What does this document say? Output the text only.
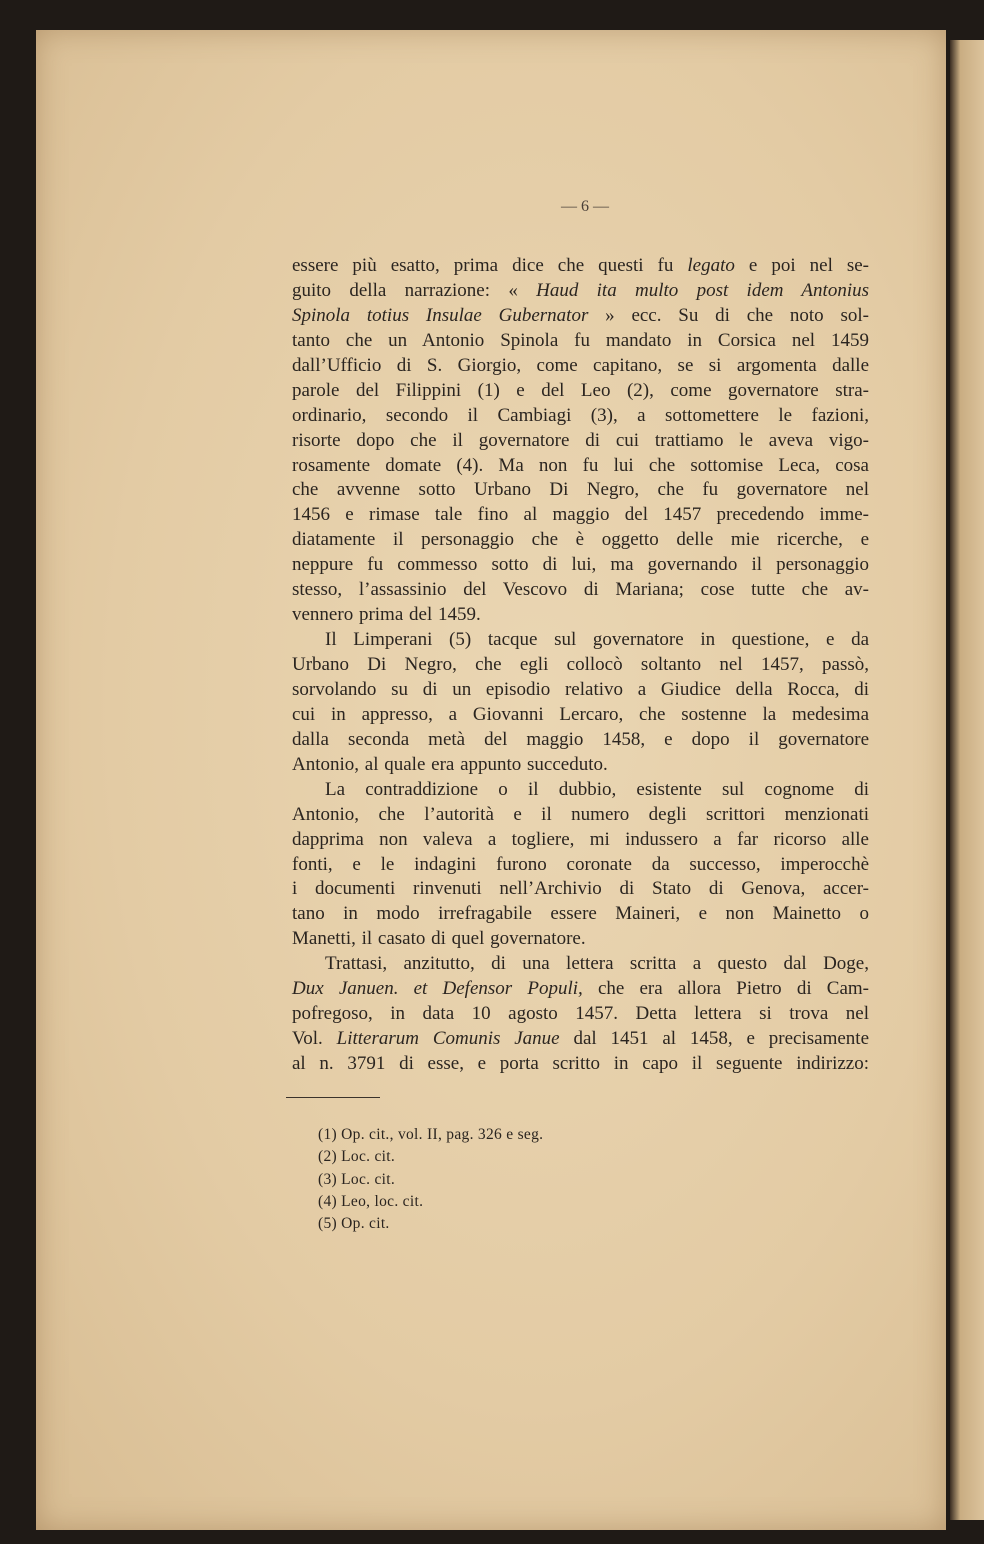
— 6 —
essere più esatto, prima dice che questi fu legato e poi nel se-
guito della narrazione: « Haud ita multo post idem Antonius
Spinola totius Insulae Gubernator » ecc. Su di che noto sol-
tanto che un Antonio Spinola fu mandato in Corsica nel 1459
dall’Ufficio di S. Giorgio, come capitano, se si argomenta dalle
parole del Filippini (1) e del Leo (2), come governatore stra-
ordinario, secondo il Cambiagi (3), a sottomettere le fazioni,
risorte dopo che il governatore di cui trattiamo le aveva vigo-
rosamente domate (4). Ma non fu lui che sottomise Leca, cosa
che avvenne sotto Urbano Di Negro, che fu governatore nel
1456 e rimase tale fino al maggio del 1457 precedendo imme-
diatamente il personaggio che è oggetto delle mie ricerche, e
neppure fu commesso sotto di lui, ma governando il personaggio
stesso, l’assassinio del Vescovo di Mariana; cose tutte che av-
vennero prima del 1459.
Il Limperani (5) tacque sul governatore in questione, e da
Urbano Di Negro, che egli collocò soltanto nel 1457, passò,
sorvolando su di un episodio relativo a Giudice della Rocca, di
cui in appresso, a Giovanni Lercaro, che sostenne la medesima
dalla seconda metà del maggio 1458, e dopo il governatore
Antonio, al quale era appunto succeduto.
La contraddizione o il dubbio, esistente sul cognome di
Antonio, che l’autorità e il numero degli scrittori menzionati
dapprima non valeva a togliere, mi indussero a far ricorso alle
fonti, e le indagini furono coronate da successo, imperocchè
i documenti rinvenuti nell’Archivio di Stato di Genova, accer-
tano in modo irrefragabile essere Maineri, e non Mainetto o
Manetti, il casato di quel governatore.
Trattasi, anzitutto, di una lettera scritta a questo dal Doge,
Dux Januen. et Defensor Populi, che era allora Pietro di Cam-
pofregoso, in data 10 agosto 1457. Detta lettera si trova nel
Vol. Litterarum Comunis Janue dal 1451 al 1458, e precisamente
al n. 3791 di esse, e porta scritto in capo il seguente indirizzo:
(1) Op. cit., vol. II, pag. 326 e seg.
(2) Loc. cit.
(3) Loc. cit.
(4) Leo, loc. cit.
(5) Op. cit.
